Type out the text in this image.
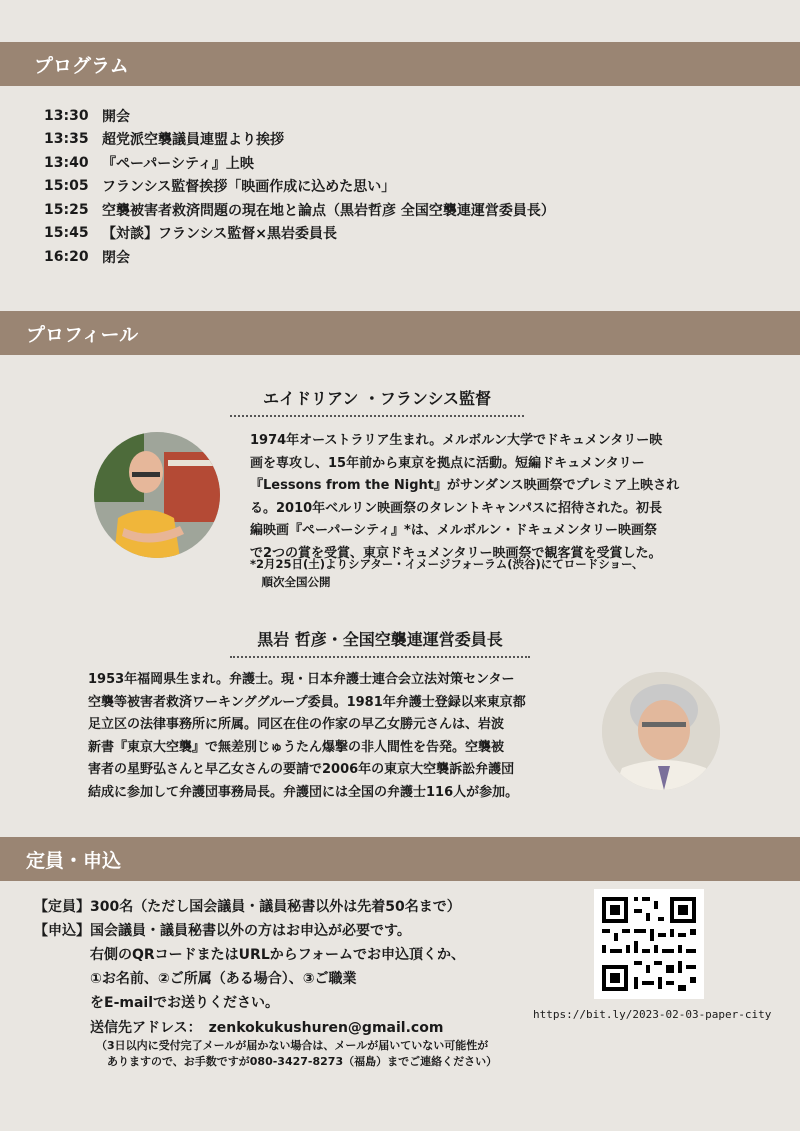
プログラム
13:30 開会
13:35 超党派空襲議員連盟より挨拶
13:40 『ペーパーシティ』上映
15:05 フランシス監督挨拶「映画作成に込めた思い」
15:25 空襲被害者救済問題の現在地と論点（黒岩哲彦 全国空襲連運営委員長）
15:45 【対談】フランシス監督×黒岩委員長
16:20 閉会
プロフィール
エイドリアン ・フランシス監督
1974年オーストラリア生まれ。メルボルン大学でドキュメンタリー映
画を専攻し、15年前から東京を拠点に活動。短編ドキュメンタリー
『Lessons from the Night』がサンダンス映画祭でプレミア上映され
る。2010年ベルリン映画祭のタレントキャンパスに招待された。初長
編映画『ペーパーシティ』*は、メルボルン・ドキュメンタリー映画祭
で2つの賞を受賞、東京ドキュメンタリー映画祭で観客賞を受賞した。
*2月25日(土)よりシアター・イメージフォーラム(渋谷)にてロードショー、
　順次全国公開
黒岩 哲彦・全国空襲連運営委員長
1953年福岡県生まれ。弁護士。現・日本弁護士連合会立法対策センター
空襲等被害者救済ワーキンググループ委員。1981年弁護士登録以来東京都
足立区の法律事務所に所属。同区在住の作家の早乙女勝元さんは、岩波
新書『東京大空襲』で無差別じゅうたん爆撃の非人間性を告発。空襲被
害者の星野弘さんと早乙女さんの要請で2006年の東京大空襲訴訟弁護団
結成に参加して弁護団事務局長。弁護団には全国の弁護士116人が参加。
定員・申込
【定員】300名（ただし国会議員・議員秘書以外は先着50名まで）
【申込】国会議員・議員秘書以外の方はお申込が必要です。
右側のQRコードまたはURLからフォームでお申込頂くか、
①お名前、②ご所属（ある場合）、③ご職業
をE-mailでお送りください。
送信先アドレス：　zenkokukushuren@gmail.com
（3日以内に受付完了メールが届かない場合は、メールが届いていない可能性が
　ありますので、お手数ですが080-3427-8273（福島）までご連絡ください）
https://bit.ly/2023-02-03-paper-city
